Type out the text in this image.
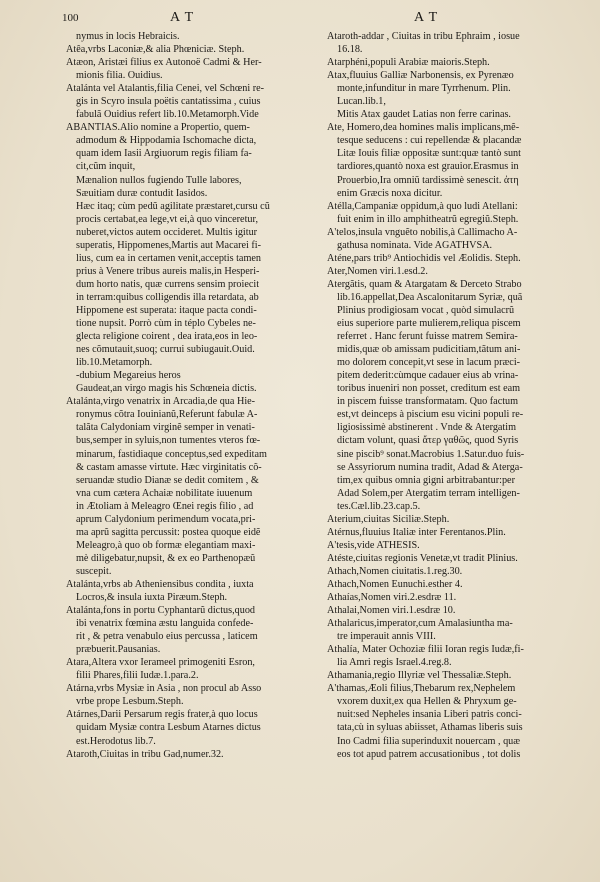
100	A T	A T
nymus in locis Hebraicis.
Atêa,vrbs Laconiæ,& alia Phœniciæ. Steph.
Atæon, Aristæi filius ex Autonoë Cadmi & Her-
mionis filia. Ouidius.
Atalánta vel Atalantis,filia Cenei, vel Schœni re-
gis in Scyro insula poëtis cantatissima , cuius
fabulã Ouidius refert lib.10.Metamorph.Vide
ABANTIAS.Alio nomine a Propertio, quem-
admodum & Hippodamia Ischomache dicta,
quam idem Iasii Argiuorum regis filiam fa-
cit,cũm inquit,
Mænalion nullos fugiendo Tulle labores,
Sæuitiam duræ contudit Iasidos.
Hæc itaq; cùm pedũ agilitate præstaret,cursu cũ
procis certabat,ea lege,vt ei,à quo vinceretur,
nuberet,victos autem occideret. Multis igitur
superatis, Hippomenes,Martis aut Macarei fi-
lius, cum ea in certamen venit,acceptis tamen
prius à Venere tribus aureis malis,in Hesperi-
dum horto natis, quæ currens sensim proiecit
in terram:quibus colligendis illa retardata, ab
Hippomene est superata: itaque pacta condi-
tione nupsit. Porrò cùm in téplo Cybeles ne-
glecta religione coirent , dea irata,eos in leo-
nes cõmutauit,suoq; currui subiugauit.Ouid.
lib.10.Metamorph.
-dubium Megareius heros
Gaudeat,an virgo magis his Schœneia dictis.
Atalánta,virgo venatrix in Arcadia,de qua Hie-
ronymus cõtra Iouinianũ,Referunt fabulæ A-
talãta Calydoniam virginẽ semper in venati-
bus,semper in syluis,non tumentes vteros fœ-
minarum, fastidiaque conceptus,sed expeditam
& castam amasse virtute. Hæc virginitatis cõ-
seruandæ studio Dianæ se dedit comitem , &
vna cum cætera Achaiæ nobilitate iuuenum
in Ætoliam à Meleagro Œnei regis filio , ad
aprum Calydonium perimendum vocata,pri-
ma aprũ sagitta percussit: postea quoque eidẽ
Meleagro,à quo ob formæ elegantiam maxi-
mè diligebatur,nupsit, & ex eo Parthenopæũ
suscepit.
Atalánta,vrbs ab Atheniensibus condita , iuxta
Locros,& insula iuxta Piræum.Steph.
Atalánta,fons in portu Cyphantarũ dictus,quod
ibi venatrix fœmina æstu languida confede-
rit , & petra venabulo eius percussa , laticem
præbuerit.Pausanias.
Atara,Altera vxor Ierameel primogeniti Esron,
filii Phares,filii Iudæ.1.para.2.
Atárna,vrbs Mysiæ in Asia , non procul ab Asso
vrbe prope Lesbum.Steph.
Atárnes,Darii Persarum regis frater,à quo locus
quidam Mysiæ contra Lesbum Atarnes dictus
est.Herodotus lib.7.
Ataroth,Ciuitas in tribu Gad,numer.32.
Ataroth-addar , Ciuitas in tribu Ephraim , iosue
16.18.
Atarphéni,populi Arabiæ maioris.Steph.
Atax,fluuius Galliæ Narbonensis, ex Pyrenæo
monte,infunditur in mare Tyrrhenum. Plin.
Lucan.lib.1,
Mitis Atax gaudet Latias non ferre carinas.
Ate, Homero,dea homines malis implicans,mẽ-
tesque seducens : cui repellendæ & placandæ
Litæ Iouis filiæ oppositæ sunt:quæ tantò sunt
tardiores,quantò noxa est grauior.Erasmus in
Prouerbio,Ira omniũ tardissimè senescit. ἀτη
enim Græcis noxa dicitur.
Atélla,Campaniæ oppidum,à quo ludi Atellani:
fuit enim in illo amphitheatrũ egregiũ.Steph.
A'telos,insula vnguẽto nobilis,à Callimacho A-
gathusa nominata. Vide AGATHVSA.
Aténe,pars trib⁹ Antiochidis vel Æolidis. Steph.
Ater,Nomen viri.1.esd.2.
Atergãtis, quam & Atargatam & Derceto Strabo
lib.16.appellat,Dea Ascalonitarum Syriæ, quã
Plinius prodigiosam vocat , quòd simulacrũ
eius superiore parte mulierem,reliqua piscem
referret . Hanc ferunt fuisse matrem Semira-
midis,quæ ob amissam pudicitiam,tãtum ani-
mo dolorem concepit,vt sese in lacum præci-
pitem dederit:cùmque cadauer eius ab vrina-
toribus inueniri non posset, creditum est eam
in piscem fuisse transformatam. Quo factum
est,vt deinceps à piscium esu vicini populi re-
ligiosissimè abstinerent . Vnde & Atergatim
dictam volunt, quasi ἄτερ γαθῶς, quod Syris
sine piscib⁹ sonat.Macrobius 1.Satur.duo fuis-
se Assyriorum numina tradit, Adad & Aterga-
tim,ex quibus omnia gigni arbitrabantur:per
Adad Solem,per Atergatim terram intelligen-
tes.Cæl.lib.23.cap.5.
Aterium,ciuitas Siciliæ.Steph.
Atérnus,fluuius Italiæ inter Ferentanos.Plin.
A'tesis,vide ATHESIS.
Atéste,ciuitas regionis Venetæ,vt tradit Plinius.
Athach,Nomen ciuitatis.1.reg.30.
Athach,Nomen Eunuchi.esther 4.
Athaías,Nomen viri.2.esdræ 11.
Athalai,Nomen viri.1.esdræ 10.
Athalaricus,imperator,cum Amalasiuntha ma-
tre imperauit annis VIII.
Athalía, Mater Ochoziæ filii Ioran regis Iudæ,fi-
lia Amri regis Israel.4.reg.8.
Athamania,regio Illyriæ vel Thessaliæ.Steph.
A'thamas,Æoli filius,Thebarum rex,Nephelem
vxorem duxit,ex qua Hellen & Phryxum ge-
nuit:sed Nepheles insania Liberi patris conci-
tata,cù in syluas abiisset, Athamas liberis suis
Ino Cadmi filia superinduxit nouercam , quæ
eos tot apud patrem accusationibus , tot dolis
